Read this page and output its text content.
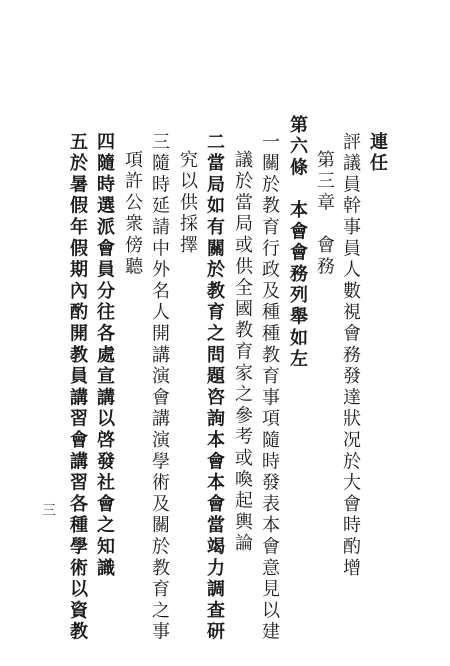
連任
評議員幹事員人數視會務發達狀况於大會時酌增
第三章　會務
第六條　本會會務列舉如左
一關於教育行政及種種教育事項隨時發表本會意見以建
議於當局或供全國教育家之參考或喚起輿論
二當局如有關於教育之問題咨詢本會本會當竭力調查研
究以供採擇
三隨時延請中外名人開講演會講演學術及關於教育之事
項許公衆傍聽
四隨時選派會員分往各處宣講以啓發社會之知識
五於暑假年假期內酌開教員講習會講習各種學術以資教
三
